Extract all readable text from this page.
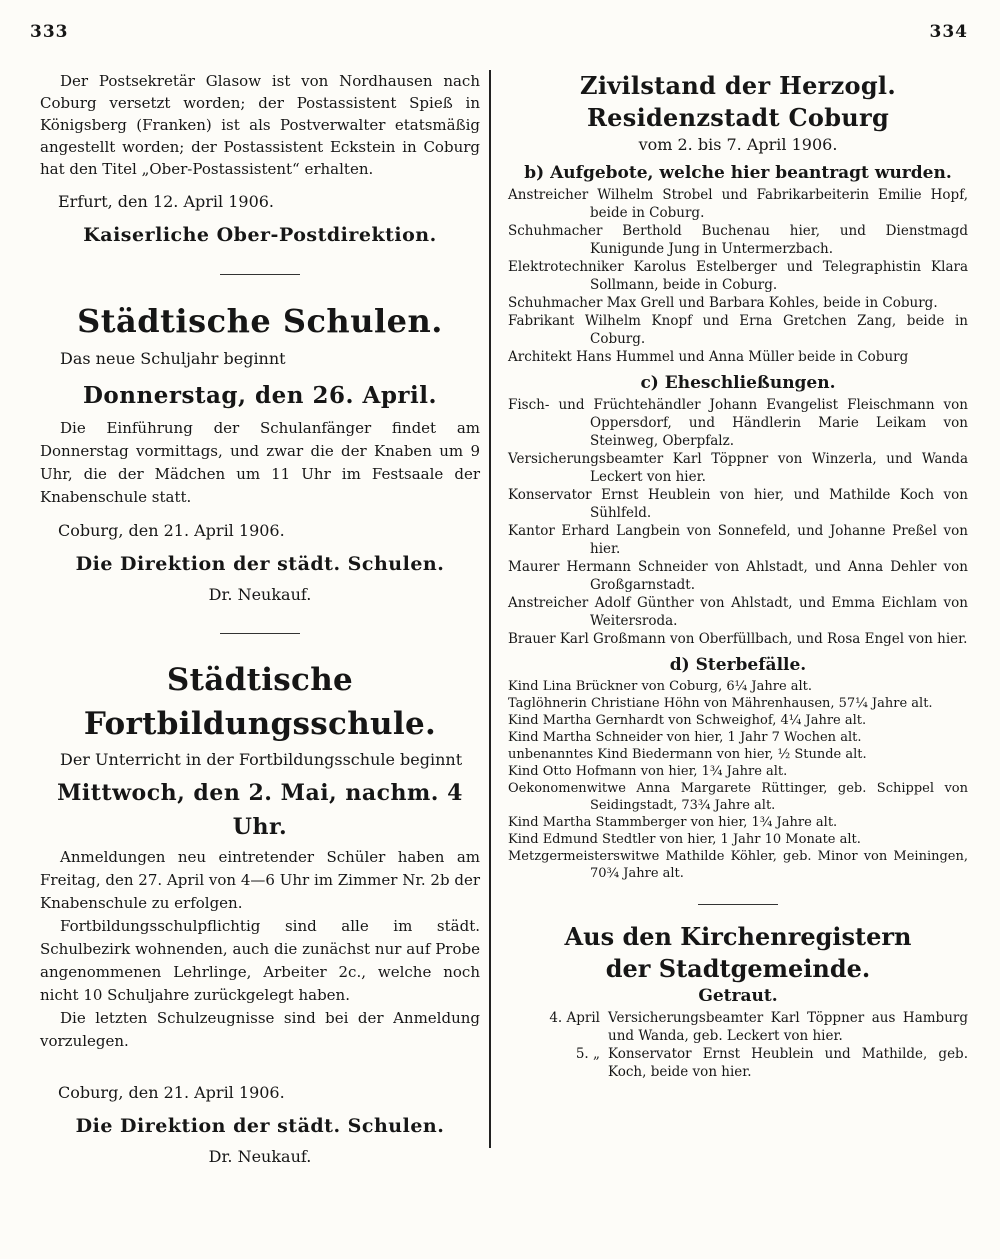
333	334

Der Postsekretär Glasow ist von Nordhausen nach Coburg versetzt worden; der Postassistent Spieß in Königsberg (Franken) ist als Postverwalter etatsmäßig angestellt worden; der Postassistent Eckstein in Coburg hat den Titel „Ober-Postassistent“ erhalten.

Erfurt, den 12. April 1906.

Kaiserliche Ober-Postdirektion.

Städtische Schulen.

Das neue Schuljahr beginnt

Donnerstag, den 26. April.

Die Einführung der Schulanfänger findet am Donnerstag vormittags, und zwar die der Knaben um 9 Uhr, die der Mädchen um 11 Uhr im Festsaale der Knabenschule statt.

Coburg, den 21. April 1906.

Die Direktion der städt. Schulen.

Dr. Neukauf.

Städtische Fortbildungsschule.

Der Unterricht in der Fortbildungsschule beginnt

Mittwoch, den 2. Mai, nachm. 4 Uhr.

Anmeldungen neu eintretender Schüler haben am Freitag, den 27. April von 4—6 Uhr im Zimmer Nr. 2b der Knabenschule zu erfolgen.

Fortbildungsschulpflichtig sind alle im städt. Schulbezirk wohnenden, auch die zunächst nur auf Probe angenommenen Lehrlinge, Arbeiter 2c., welche noch nicht 10 Schuljahre zurückgelegt haben.

Die letzten Schulzeugnisse sind bei der Anmeldung vorzulegen.

Coburg, den 21. April 1906.

Die Direktion der städt. Schulen.

Dr. Neukauf.

Zivilstand der Herzogl. Residenzstadt Coburg

vom 2. bis 7. April 1906.

b) Aufgebote, welche hier beantragt wurden.

Anstreicher Wilhelm Strobel und Fabrikarbeiterin Emilie Hopf, beide in Coburg.

Schuhmacher Berthold Buchenau hier, und Dienstmagd Kunigunde Jung in Untermerzbach.

Elektrotechniker Karolus Estelberger und Telegraphistin Klara Sollmann, beide in Coburg.

Schuhmacher Max Grell und Barbara Kohles, beide in Coburg.

Fabrikant Wilhelm Knopf und Erna Gretchen Zang, beide in Coburg.

Architekt Hans Hummel und Anna Müller beide in Coburg

c) Eheschließungen.

Fisch- und Früchtehändler Johann Evangelist Fleischmann von Oppersdorf, und Händlerin Marie Leikam von Steinweg, Oberpfalz.

Versicherungsbeamter Karl Töppner von Winzerla, und Wanda Leckert von hier.

Konservator Ernst Heublein von hier, und Mathilde Koch von Sühlfeld.

Kantor Erhard Langbein von Sonnefeld, und Johanne Preßel von hier.

Maurer Hermann Schneider von Ahlstadt, und Anna Dehler von Großgarnstadt.

Anstreicher Adolf Günther von Ahlstadt, und Emma Eichlam von Weitersroda.

Brauer Karl Großmann von Oberfüllbach, und Rosa Engel von hier.

d) Sterbefälle.

Kind Lina Brückner von Coburg, 6¼ Jahre alt.

Taglöhnerin Christiane Höhn von Mährenhausen, 57¼ Jahre alt.

Kind Martha Gernhardt von Schweighof, 4¼ Jahre alt.

Kind Martha Schneider von hier, 1 Jahr 7 Wochen alt.

unbenanntes Kind Biedermann von hier, ½ Stunde alt.

Kind Otto Hofmann von hier, 1¾ Jahre alt.

Oekonomenwitwe Anna Margarete Rüttinger, geb. Schippel von Seidingstadt, 73¾ Jahre alt.

Kind Martha Stammberger von hier, 1¾ Jahre alt.

Kind Edmund Stedtler von hier, 1 Jahr 10 Monate alt.

Metzgermeisterswitwe Mathilde Köhler, geb. Minor von Meiningen, 70¾ Jahre alt.

Aus den Kirchenregistern

der Stadtgemeinde.

Getraut.

4. April Versicherungsbeamter Karl Töppner aus Hamburg und Wanda, geb. Leckert von hier.
5. „ Konservator Ernst Heublein und Mathilde, geb. Koch, beide von hier.
